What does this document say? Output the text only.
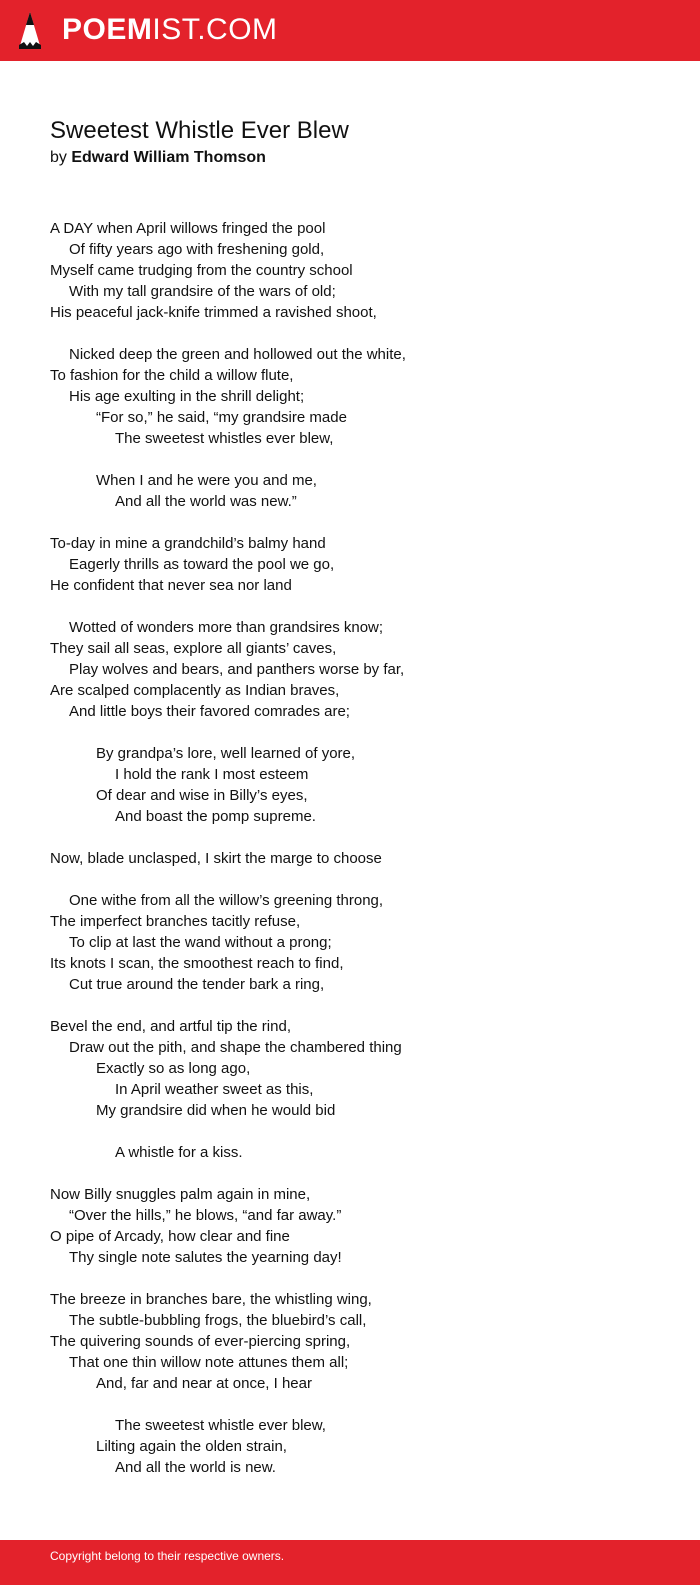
POEMIST.COM
Sweetest Whistle Ever Blew
by Edward William Thomson
A DAY when April willows fringed the pool
Of fifty years ago with freshening gold,
Myself came trudging from the country school
With my tall grandsire of the wars of old;
His peaceful jack-knife trimmed a ravished shoot,
Nicked deep the green and hollowed out the white,
To fashion for the child a willow flute,
His age exulting in the shrill delight;
“For so,” he said, “my grandsire made
The sweetest whistles ever blew,
When I and he were you and me,
And all the world was new.”
To-day in mine a grandchild’s balmy hand
Eagerly thrills as toward the pool we go,
He confident that never sea nor land
Wotted of wonders more than grandsires know;
They sail all seas, explore all giants’ caves,
Play wolves and bears, and panthers worse by far,
Are scalped complacently as Indian braves,
And little boys their favored comrades are;
By grandpa’s lore, well learned of yore,
I hold the rank I most esteem
Of dear and wise in Billy’s eyes,
And boast the pomp supreme.
Now, blade unclasped, I skirt the marge to choose
One withe from all the willow’s greening throng,
The imperfect branches tacitly refuse,
To clip at last the wand without a prong;
Its knots I scan, the smoothest reach to find,
Cut true around the tender bark a ring,
Bevel the end, and artful tip the rind,
Draw out the pith, and shape the chambered thing
Exactly so as long ago,
In April weather sweet as this,
My grandsire did when he would bid
A whistle for a kiss.
Now Billy snuggles palm again in mine,
“Over the hills,” he blows, “and far away.”
O pipe of Arcady, how clear and fine
Thy single note salutes the yearning day!
The breeze in branches bare, the whistling wing,
The subtle-bubbling frogs, the bluebird’s call,
The quivering sounds of ever-piercing spring,
That one thin willow note attunes them all;
And, far and near at once, I hear
The sweetest whistle ever blew,
Lilting again the olden strain,
And all the world is new.
Copyright belong to their respective owners.
